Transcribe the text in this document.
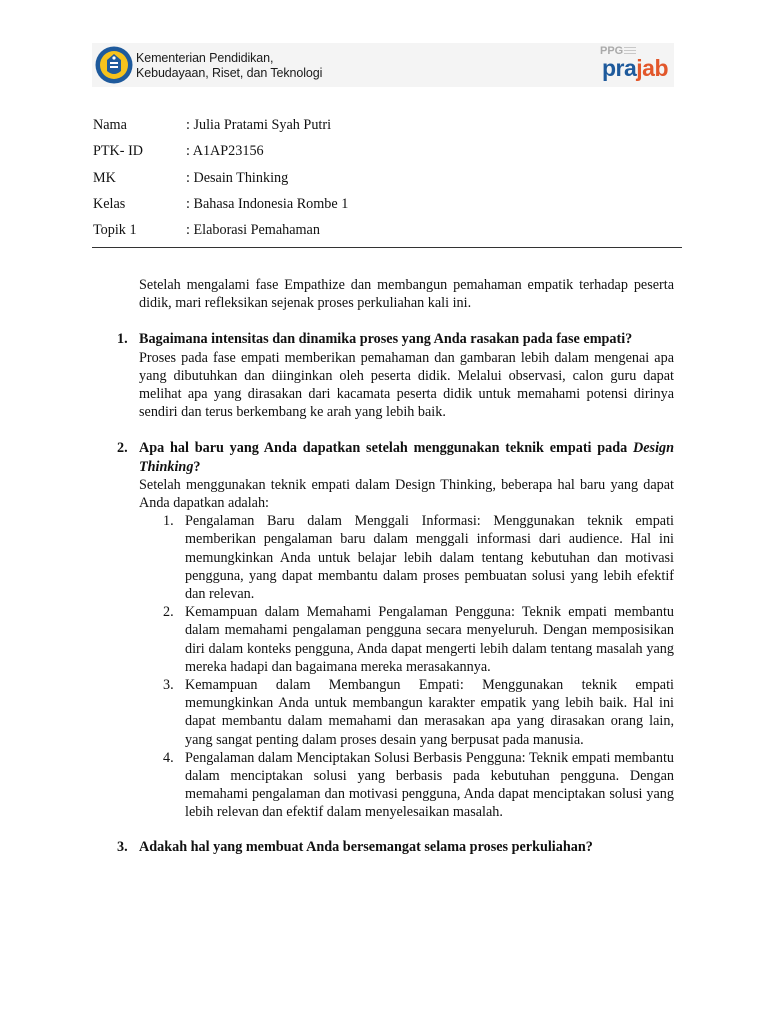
Kementerian Pendidikan,
Kebudayaan, Riset, dan Teknologi
PPG
prajab
Nama	: Julia Pratami Syah Putri
PTK- ID	: A1AP23156
MK	: Desain Thinking
Kelas	: Bahasa Indonesia Rombe 1
Topik 1	: Elaborasi Pemahaman

Setelah mengalami fase Empathize dan membangun pemahaman empatik terhadap peserta didik, mari refleksikan sejenak proses perkuliahan kali ini.

1. Bagaimana intensitas dan dinamika proses yang Anda rasakan pada fase empati?

Proses pada fase empati memberikan pemahaman dan gambaran lebih dalam mengenai apa yang dibutuhkan dan diinginkan oleh peserta didik. Melalui observasi, calon guru dapat melihat apa yang dirasakan dari kacamata peserta didik untuk memahami potensi dirinya sendiri dan terus berkembang ke arah yang lebih baik.

2. Apa hal baru yang Anda dapatkan setelah menggunakan teknik empati pada Design Thinking?

Setelah menggunakan teknik empati dalam Design Thinking, beberapa hal baru yang dapat Anda dapatkan adalah:

1. Pengalaman Baru dalam Menggali Informasi: Menggunakan teknik empati memberikan pengalaman baru dalam menggali informasi dari audience. Hal ini memungkinkan Anda untuk belajar lebih dalam tentang kebutuhan dan motivasi pengguna, yang dapat membantu dalam proses pembuatan solusi yang lebih efektif dan relevan.

2. Kemampuan dalam Memahami Pengalaman Pengguna: Teknik empati membantu dalam memahami pengalaman pengguna secara menyeluruh. Dengan memposisikan diri dalam konteks pengguna, Anda dapat mengerti lebih dalam tentang masalah yang mereka hadapi dan bagaimana mereka merasakannya.

3. Kemampuan dalam Membangun Empati: Menggunakan teknik empati memungkinkan Anda untuk membangun karakter empatik yang lebih baik. Hal ini dapat membantu dalam memahami dan merasakan apa yang dirasakan orang lain, yang sangat penting dalam proses desain yang berpusat pada manusia.

4. Pengalaman dalam Menciptakan Solusi Berbasis Pengguna: Teknik empati membantu dalam menciptakan solusi yang berbasis pada kebutuhan pengguna. Dengan memahami pengalaman dan motivasi pengguna, Anda dapat menciptakan solusi yang lebih relevan dan efektif dalam menyelesaikan masalah.

3. Adakah hal yang membuat Anda bersemangat selama proses perkuliahan?
